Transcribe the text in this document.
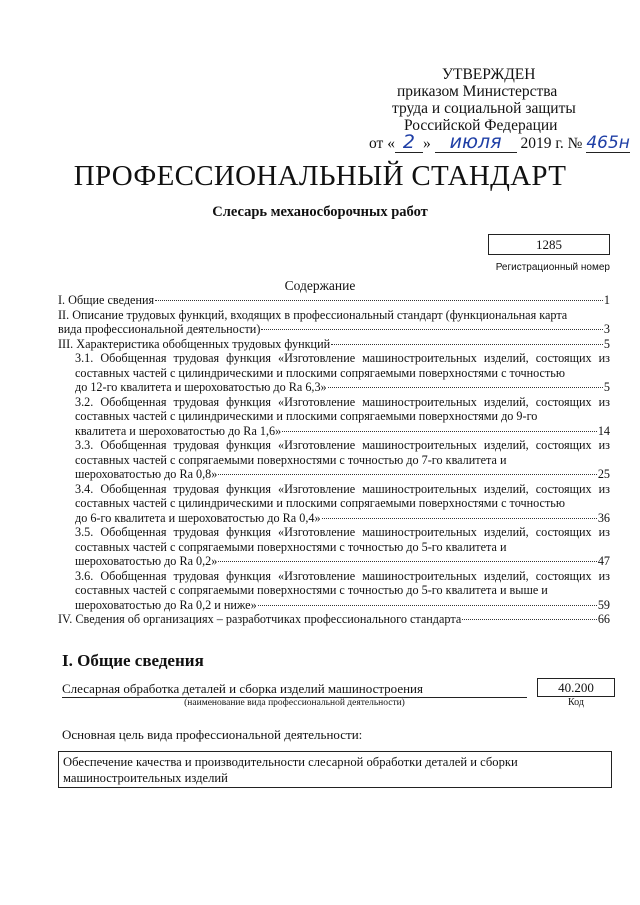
УТВЕРЖДЕН
приказом Министерства
труда и социальной защиты
Российской Федерации
от « 2 » июля 2019 г. № 465н
ПРОФЕССИОНАЛЬНЫЙ СТАНДАРТ
Слесарь механосборочных работ
1285
Регистрационный номер
Содержание
I. Общие сведения	1
II. Описание трудовых функций, входящих в профессиональный стандарт (функциональная карта
вида профессиональной деятельности)	3
III. Характеристика обобщенных трудовых функций	5
3.1. Обобщенная трудовая функция «Изготовление машиностроительных изделий, состоящих из составных частей с цилиндрическими и плоскими сопрягаемыми поверхностями с точностью
до 12-го квалитета и шероховатостью до Ra 6,3»	5
3.2. Обобщенная трудовая функция «Изготовление машиностроительных изделий, состоящих из составных частей с цилиндрическими и плоскими сопрягаемыми поверхностями до 9-го
квалитета и шероховатостью до Ra 1,6»	14
3.3. Обобщенная трудовая функция «Изготовление машиностроительных изделий, состоящих из составных частей с сопрягаемыми поверхностями с точностью до 7-го квалитета и
шероховатостью до Ra 0,8»	25
3.4. Обобщенная трудовая функция «Изготовление машиностроительных изделий, состоящих из составных частей с цилиндрическими и плоскими сопрягаемыми поверхностями с точностью
до 6-го квалитета и шероховатостью до Ra 0,4»	36
3.5. Обобщенная трудовая функция «Изготовление машиностроительных изделий, состоящих из составных частей с сопрягаемыми поверхностями с точностью до 5-го квалитета и
шероховатостью до Ra 0,2»	47
3.6. Обобщенная трудовая функция «Изготовление машиностроительных изделий, состоящих из составных частей с сопрягаемыми поверхностями с точностью до 5-го квалитета и выше и
шероховатостью до Ra 0,2 и ниже»	59
IV. Сведения об организациях – разработчиках профессионального стандарта	66
I. Общие сведения
Слесарная обработка деталей и сборка изделий машиностроения
(наименование вида профессиональной деятельности)
40.200
Код
Основная цель вида профессиональной деятельности:
Обеспечение качества и производительности слесарной обработки деталей и сборки
машиностроительных изделий
